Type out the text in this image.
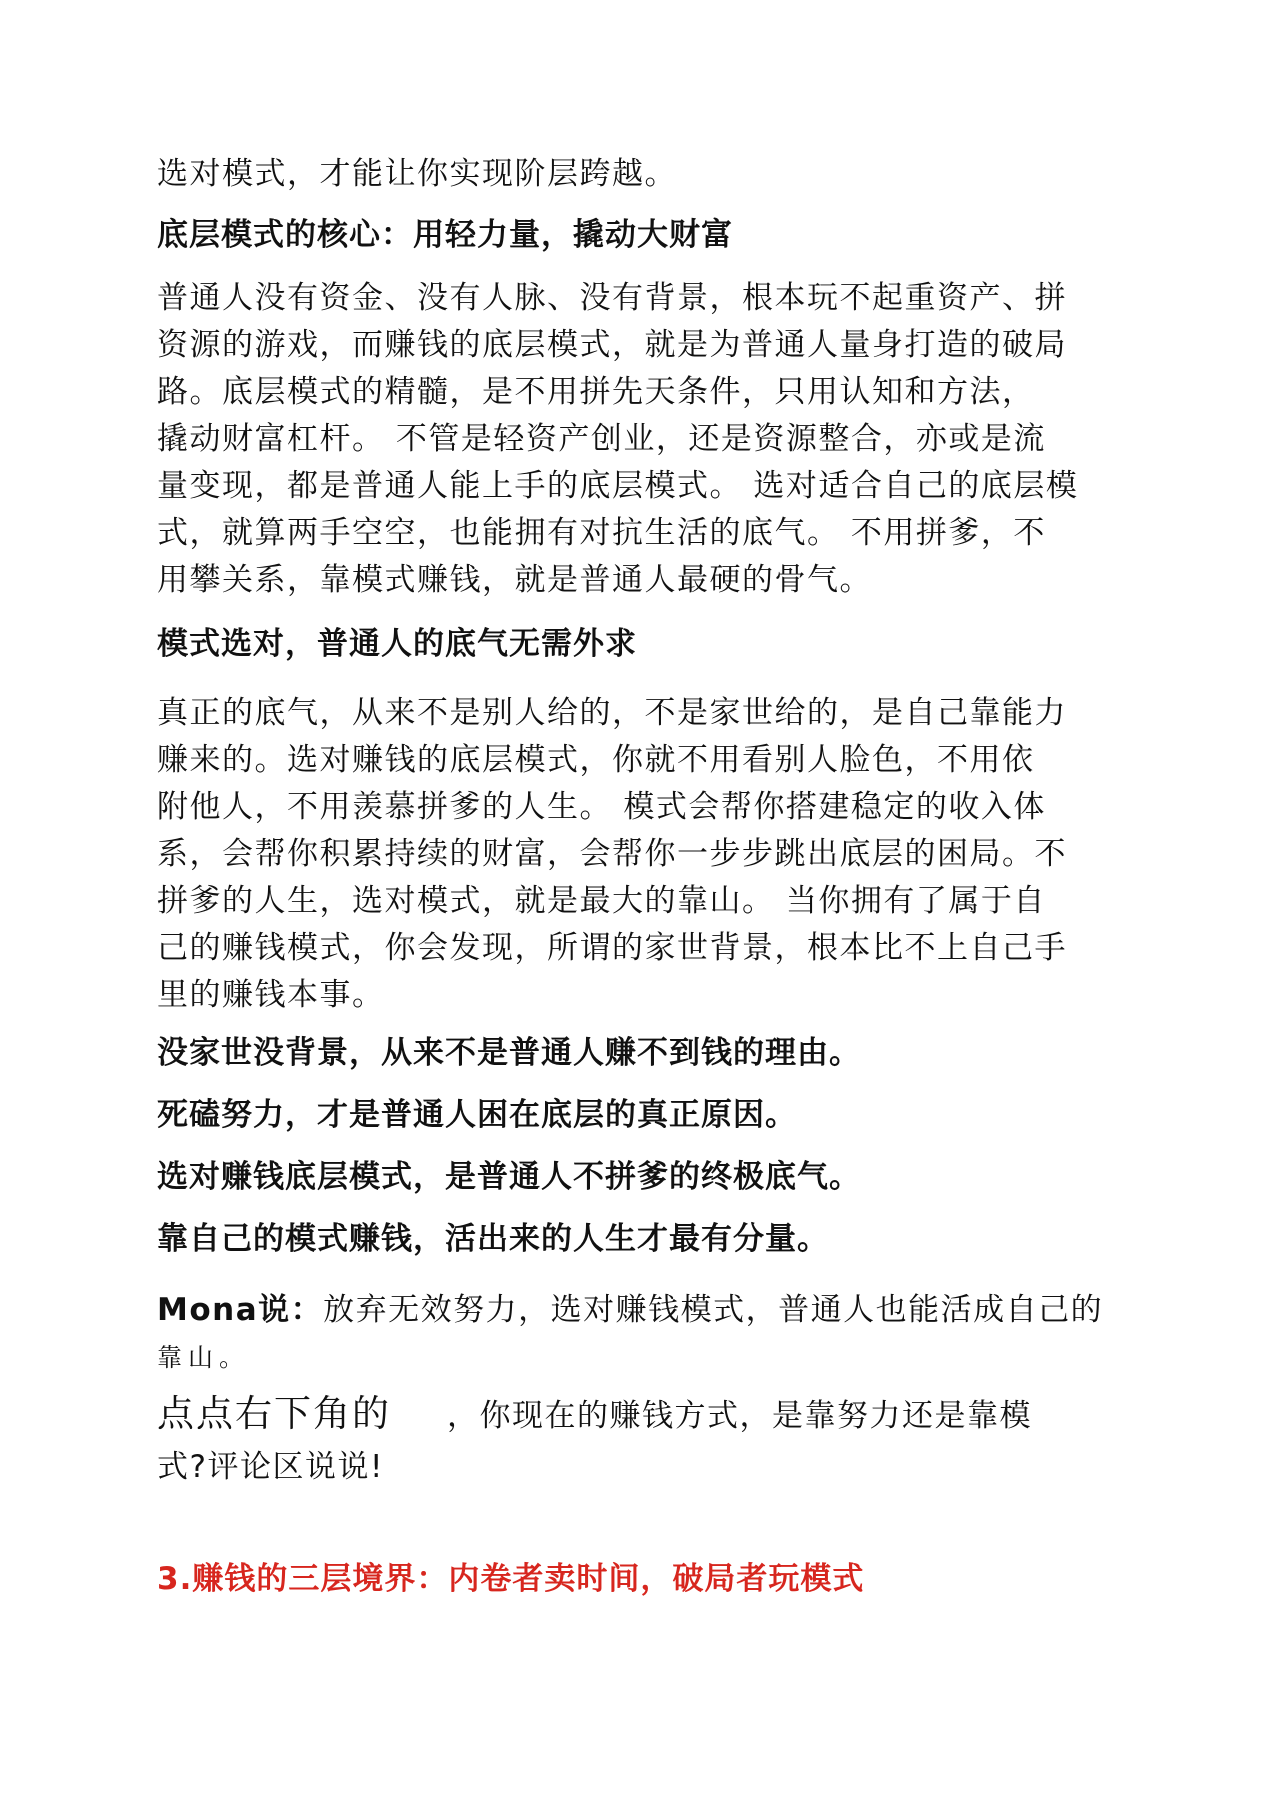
选对模式，才能让你实现阶层跨越。
底层模式的核心：用轻力量，撬动大财富
普通人没有资金、没有人脉、没有背景，根本玩不起重资产、拼
资源的游戏，而赚钱的底层模式，就是为普通人量身打造的破局
路。底层模式的精髓，是不用拼先天条件，只用认知和方法，
撬动财富杠杆。 不管是轻资产创业，还是资源整合，亦或是流
量变现，都是普通人能上手的底层模式。 选对适合自己的底层模
式，就算两手空空，也能拥有对抗生活的底气。 不用拼爹，不
用攀关系，靠模式赚钱，就是普通人最硬的骨气。
模式选对，普通人的底气无需外求
真正的底气，从来不是别人给的，不是家世给的，是自己靠能力
赚来的。选对赚钱的底层模式，你就不用看别人脸色，不用依
附他人，不用羡慕拼爹的人生。 模式会帮你搭建稳定的收入体
系，会帮你积累持续的财富，会帮你一步步跳出底层的困局。不
拼爹的人生，选对模式，就是最大的靠山。 当你拥有了属于自
己的赚钱模式，你会发现，所谓的家世背景，根本比不上自己手
里的赚钱本事。
没家世没背景，从来不是普通人赚不到钱的理由。
死磕努力，才是普通人困在底层的真正原因。
选对赚钱底层模式，是普通人不拼爹的终极底气。
靠自己的模式赚钱，活出来的人生才最有分量。
Mona说：放弃无效努力，选对赚钱模式，普通人也能活成自己的
靠山。
点点右下角的 ，你现在的赚钱方式，是靠努力还是靠模
式?评论区说说!
3.赚钱的三层境界：内卷者卖时间，破局者玩模式
